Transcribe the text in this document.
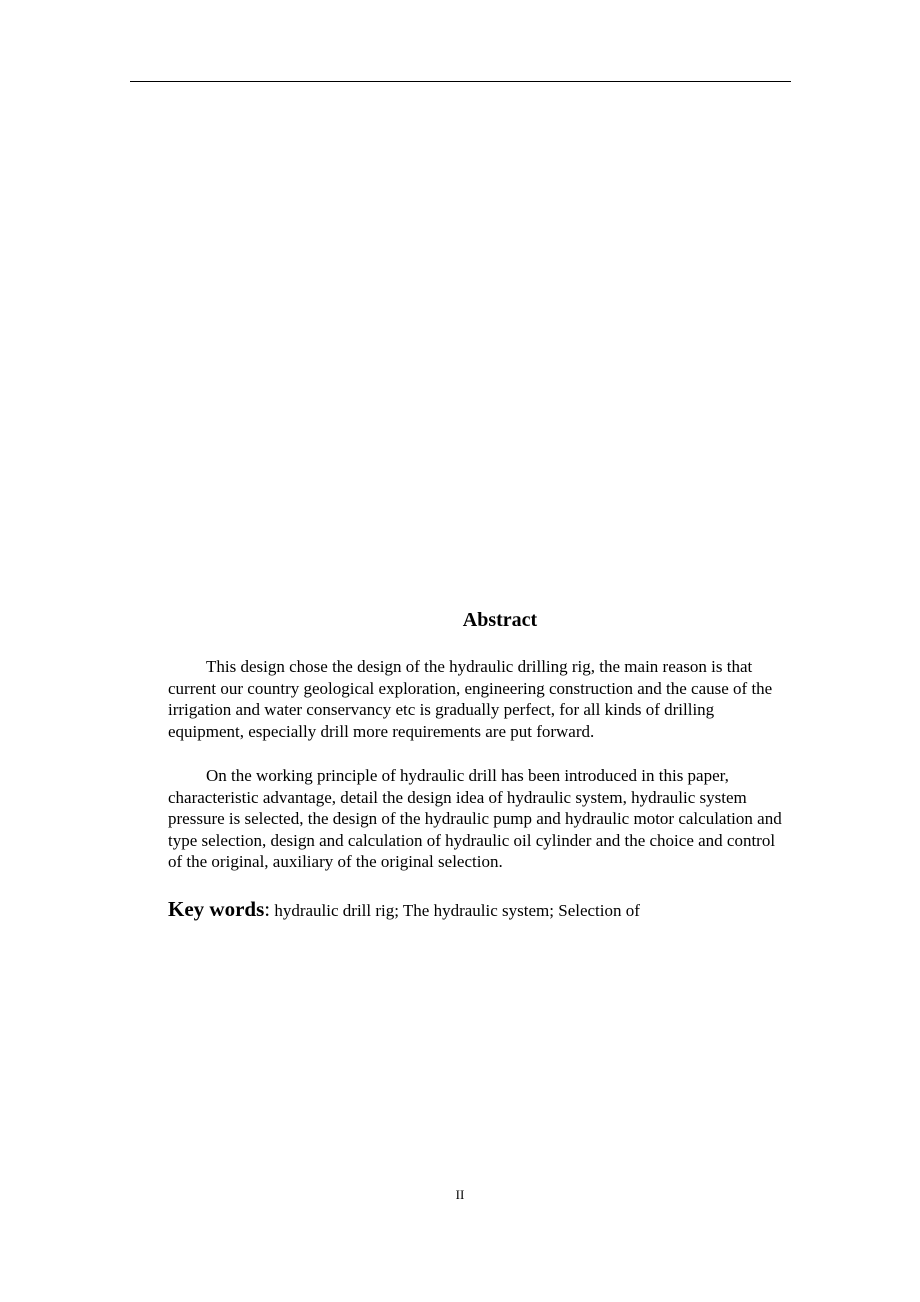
Abstract

This design chose the design of the hydraulic drilling rig, the main reason is that current our country geological exploration, engineering construction and the cause of the irrigation and water conservancy etc is gradually perfect, for all kinds of drilling equipment, especially drill more requirements are put forward.

On the working principle of hydraulic drill has been introduced in this paper, characteristic advantage, detail the design idea of hydraulic system, hydraulic system pressure is selected, the design of the hydraulic pump and hydraulic motor calculation and type selection, design and calculation of hydraulic oil cylinder and the choice and control of the original, auxiliary of the original selection.

Key words: hydraulic drill rig; The hydraulic system; Selection of

II
